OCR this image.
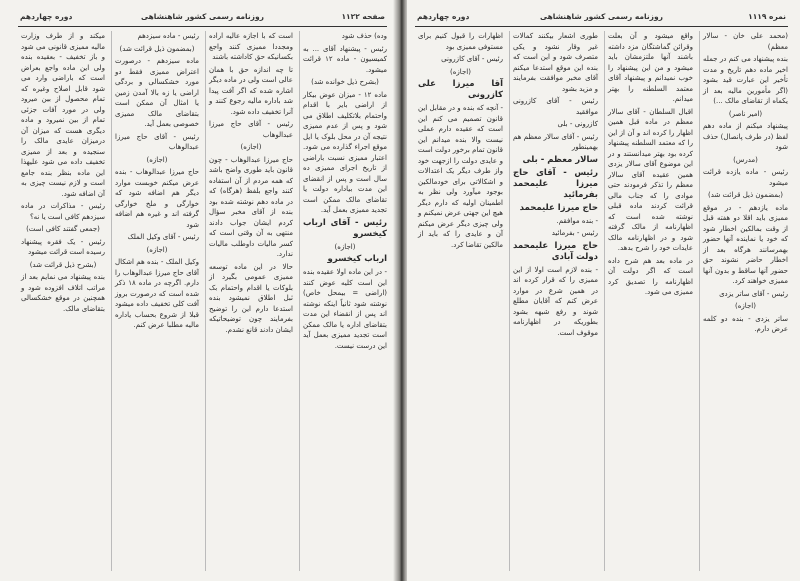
صفحه ۱۱۲۲
روزنامه رسمی کشور شاهنشاهی
دوره چهاردهم

وده) حذف شود

رئیس - پیشنهاد آقای ... به کمیسیون - ماده ۱۲ قرائت میشود.

(بشرح ذیل خوانده شد)

ماده ۱۲ - میزان عوض بیکار از اراضی بایر با اقدام واحتمام بلاتکلیف اطلاق می شود و پس از عدم ممیزی نتیجه آن در محل بلوک یا ایل موقع اجراء گذارده می شود. اعتبار ممیزی نسبت باراضی از تاریخ اجرای ممیزی ده سال است و پس از انقضای این مدت بیاداره دولت یا تقاضای مالک ممکن است تجدید ممیزی بعمل آید.

رئیس - آقای ارباب کیخسرو

(اجازه)

ارباب کیخسرو

- در این ماده اولا عقیده بنده این است کلیه عوض کنند (اراضی = بیمحل خاص) نوشته شود ثانیاً اینکه نوشته اند پس از انقضاء این مدت بتقاضای اداره یا مالک ممکن است تجدید ممیزی بعمل آید این درست نیست.

است که با اجازه عالیه اراده ومجددا ممیزی کنند واجع بکسانیکه حق کاداشته باشند

تا چه اندازه حق با همان عالی است ولی در ماده دیگر اشاره شده که اگر آفت پیدا شد باداره مالیه رجوع کنند و آنرا تخفیف داده شود.

رئیس - آقای حاج میرزا عبدالوهاب

(اجازه)

حاج میرزا عبدالوهاب - چون قانون باید طوری واضح باشد که همه مردم از آن استفاده کنند واجع بلفظ (هرگاه) که در ماده دهم نوشته شده بود بنده از آقای مخبر سؤال کردم ایشان جواب دادند منتهی به آن وقتی است که کسر مالیات داوطلب مالیات ندارد.

حالا در این ماده توسعه ممیزی عمومی بگیرد از بلوکات یا اقدام واحتمام بک ثبل اطلاق نمیشود بنده استدعا دارم این را توضیح بفرمایند چون توضیحاتیکه ایشان دادند قانع نشدم.

رئیس - ماده سیزدهم

(بمضمون ذیل قرائت شد)

ماده سیزدهم - درصورت اعتراض ممیزی فقط دو مورد خشکسالی و بردگی اراضی یا زه بالا آمدن زمین یا امثال آن ممکن است بتقاضای مالک ممیزی خصوصی بعمل آید.

رئیس - آقای حاج میرزا عبدالوهاب

(اجازه)

حاج میرزا عبدالوهاب - بنده عرض میکنم خوبست موارد دیگر هم اضافه شود که خوارگی و ملخ خوارگی گرفته اند و غیره هم اضافه شود

رئیس - آقای وکیل الملک

(اجازه)

وکیل الملک - بنده هم اشکال آقای حاج میرزا عبدالوهاب را دارم. اگرچه در ماده ۱۸ ذکر شده است که درصورت بروز آفت کلی تخفیف داده میشود قبلا از شروع بحساب یاداره مالیه مطلبا عرض کنم.

میکند و از طرف وزارت مالیه ممیزی قانونی می شود و باز تخفیف - بعقیده بنده ولی این ماده واجع بعراض است که باراضی وارد می شود قابل اصلاح وغیره که تمام محصول از بین میرود ولی در مورد آفات جزئی تمام از بین نمیرود و ماده دیگری هست که میزان آن درمیزان عایدی مالک را سنجیده و بعد از ممیزی تخفیف داده می شود علیهذا این ماده بنظر بنده جامع است و لازم نیست چیزی به آن اضافه شود.

رئیس - مذاکرات در ماده سیزدهم کافی است یا نه؟

(جمعی گفتند کافی است)

رئیس - یک فقره پیشنهاد رسیده است قرائت میشود

(بشرح ذیل قرائت شد)

بنده پیشنهاد می نمایم بعد از مراتب اتلاف افزوده شود و همچنین در موقع خشکسالی بتقاضای مالک.

نمره ۱۱۱۹
روزنامه رسمی کشور شاهنشاهی
دوره چهاردهم

(محمد علی خان - سالار معظم)

بنده پیشنهاد می کنم در جمله اخیر ماده دهم تاریخ و مدت تأخیر این عبارت قید بشود (اگر مأمورین ماليه بعد از یکماه از تقاضای مالک ...)

(امیر ناصر)

پیشنهاد میکنم از ماده دهم لفظ (در طرف پانصال) حذف شود

(مدرس)

رئیس - ماده یازده قرائت میشود

(بمضمون ذیل قرائت شد)

ماده یازدهم - در موقع ممیزی باید اقلا دو هفته قبل از وقت بمالکین اخطار شود که خود یا نماینده آنها حضور بهمرسانند هرگاه بعد از اخطار حاضر نشوند حق حضور آنها ساقط و بدون آنها ممیزی خواهند کرد.

رئیس - آقای ساتر یزدی

(اجازه)

ساتر یزدی - بنده دو کلمه عرض دارم.

واقع میشود و آن بعلت وقرائن گماشتگان مزد داشته باشند آنها ملتزمشان باید میشود و من این پیشنهاد را خوب نمیدانم و پیشنهاد آقای معتمد السلطنه را بهتر میدانم.

اقبال السلطان - آقای سالار معظم در ماده قبل همین اظهار را کرده اند و آن از این را که معتمد السلطنه پیشنهاد کرده بود بهتر میدانستند و در این موضوع آقای سالار یزدی همین عقیده آقای سالار معظم را تذکر فرمودند حتی موادی را که جناب مالی قرائت کردند ماده قبلی نوشته شده است که اظهارنامه از مالک گرفته شود و در اظهارنامه مالک عایدات خود را شرح بدهد.

در ماده بعد هم شرح داده است که اگر دولت آن اظهارنامه را تصدیق کرد ممیزی می شود.

طوری اشعار بیکنند کمالات غیر وقار نشود و یکی متصرف شود و این است که بنده این موقع استدعا میکنم آقای مخبر موافقت بفرمایند و مزید بشود

رئیس - آقای کازرونی موافقید

کازرونی - بلی

رئیس - آقای سالار معظم هم بهمینطور

سالار معظم - بلی

رئیس - آقای حاج میرزا علیمحمد بفرمائید

حاج میرزا علیمحمد

- بنده موافقم.

رئیس - بفرمائید

حاج میرزا علیمحمد دولت آبادی

- بنده لازم است اولا از این ممیزی را که قرار کرده اند در همین شرع در موارد عرض کنم که آقایان مطلع شوند و رفع شبهه بشود بطوریکه در اظهارنامه موقوف است.

اظهارات را قبول کنیم برای مستوفی ممیزی بود

رئیس - آقای کازرونی

(اجازه)

آقا میرزا علی کازرونی

- آنچه که بنده و در مقابل این قانون تصمیم می کنم این است که عقیده دارم عملی نیست والا بنده میدانم این قانون تمام برخور دولت است و عایدی دولت را ازجهت خود واز طرف دیگر یک اعتدالات و اشکالاتی برای خودمالکین بوجود میآورد ولی نظر به اطمینان اولیه که دارم دیگر هیچ این جهتی عرض نمیکنم و ولی چیزی دیگر عرض میکنم آن و عایدی را که باید از مالکین تقاضا کرد.
